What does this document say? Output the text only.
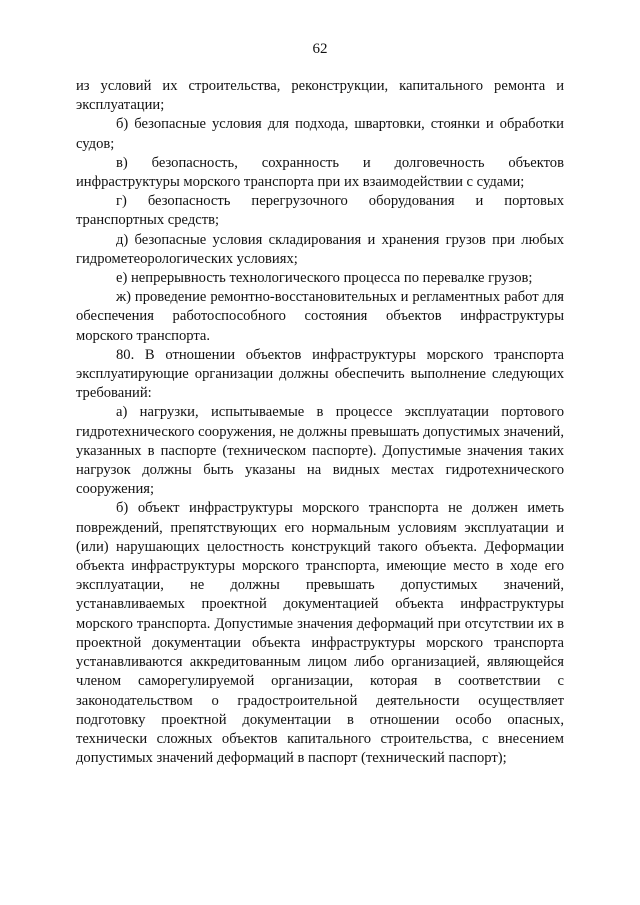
62

из условий их строительства, реконструкции, капитального ремонта и эксплуатации;

б) безопасные условия для подхода, швартовки, стоянки и обработки судов;

в) безопасность, сохранность и долговечность объектов инфраструктуры морского транспорта при их взаимодействии с судами;

г) безопасность перегрузочного оборудования и портовых транспортных средств;

д) безопасные условия складирования и хранения грузов при любых гидрометеорологических условиях;

е) непрерывность технологического процесса по перевалке грузов;

ж) проведение ремонтно-восстановительных и регламентных работ для обеспечения работоспособного состояния объектов инфраструктуры морского транспорта.

80. В отношении объектов инфраструктуры морского транспорта эксплуатирующие организации должны обеспечить выполнение следующих требований:

а) нагрузки, испытываемые в процессе эксплуатации портового гидротехнического сооружения, не должны превышать допустимых значений, указанных в паспорте (техническом паспорте). Допустимые значения таких нагрузок должны быть указаны на видных местах гидротехнического сооружения;

б) объект инфраструктуры морского транспорта не должен иметь повреждений, препятствующих его нормальным условиям эксплуатации и (или) нарушающих целостность конструкций такого объекта. Деформации объекта инфраструктуры морского транспорта, имеющие место в ходе его эксплуатации, не должны превышать допустимых значений, устанавливаемых проектной документацией объекта инфраструктуры морского транспорта. Допустимые значения деформаций при отсутствии их в проектной документации объекта инфраструктуры морского транспорта устанавливаются аккредитованным лицом либо организацией, являющейся членом саморегулируемой организации, которая в соответствии с законодательством о градостроительной деятельности осуществляет подготовку проектной документации в отношении особо опасных, технически сложных объектов капитального строительства, с внесением допустимых значений деформаций в паспорт (технический паспорт);
